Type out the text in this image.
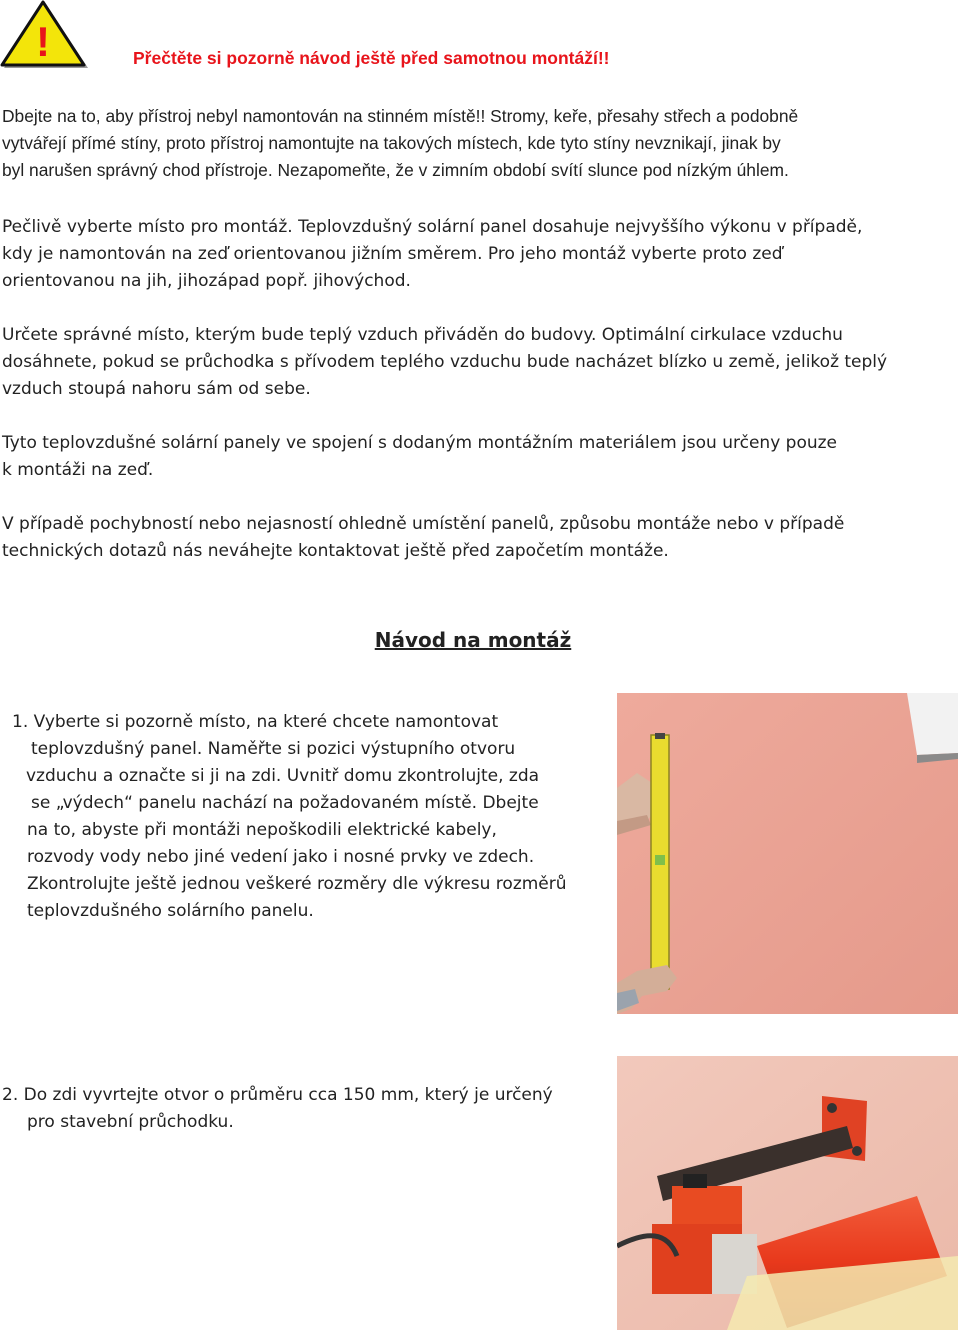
!	Přečtěte si pozorně návod ještě před samotnou montáží!!
Dbejte na to, aby přístroj nebyl namontován na stinném místě!! Stromy, keře, přesahy střech a podobně
vytvářejí přímé stíny, proto přístroj namontujte na takových místech, kde tyto stíny nevznikají, jinak by
byl narušen správný chod přístroje. Nezapomeňte, že v zimním období svítí slunce pod nízkým úhlem.
Pečlivě vyberte místo pro montáž. Teplovzdušný solární panel dosahuje nejvyššího výkonu v případě,
kdy je namontován na zeď orientovanou jižním směrem. Pro jeho montáž vyberte proto zeď
orientovanou na jih, jihozápad popř. jihovýchod.
Určete správné místo, kterým bude teplý vzduch přiváděn do budovy. Optimální cirkulace vzduchu
dosáhnete, pokud se průchodka s přívodem teplého vzduchu bude nacházet blízko u země, jelikož teplý
vzduch stoupá nahoru sám od sebe.
Tyto teplovzdušné solární panely ve spojení s dodaným montážním materiálem jsou určeny pouze
k montáži na zeď.
V případě pochybností nebo nejasností ohledně umístění panelů, způsobu montáže nebo v případě
technických dotazů nás neváhejte kontaktovat ještě před započetím montáže.
Návod na montáž
1. Vyberte si pozorně místo, na které chcete namontovat
teplovzdušný panel. Naměřte si pozici výstupního otvoru
vzduchu a označte si ji na zdi. Uvnitř domu zkontrolujte, zda
se „výdech“ panelu nachází na požadovaném místě. Dbejte
na to, abyste při montáži nepoškodili elektrické kabely,
rozvody vody nebo jiné vedení jako i nosné prvky ve zdech.
Zkontrolujte ještě jednou veškeré rozměry dle výkresu rozměrů
teplovzdušného solárního panelu.
2. Do zdi vyvrtejte otvor o průměru cca 150 mm, který je určený
pro stavební průchodku.
